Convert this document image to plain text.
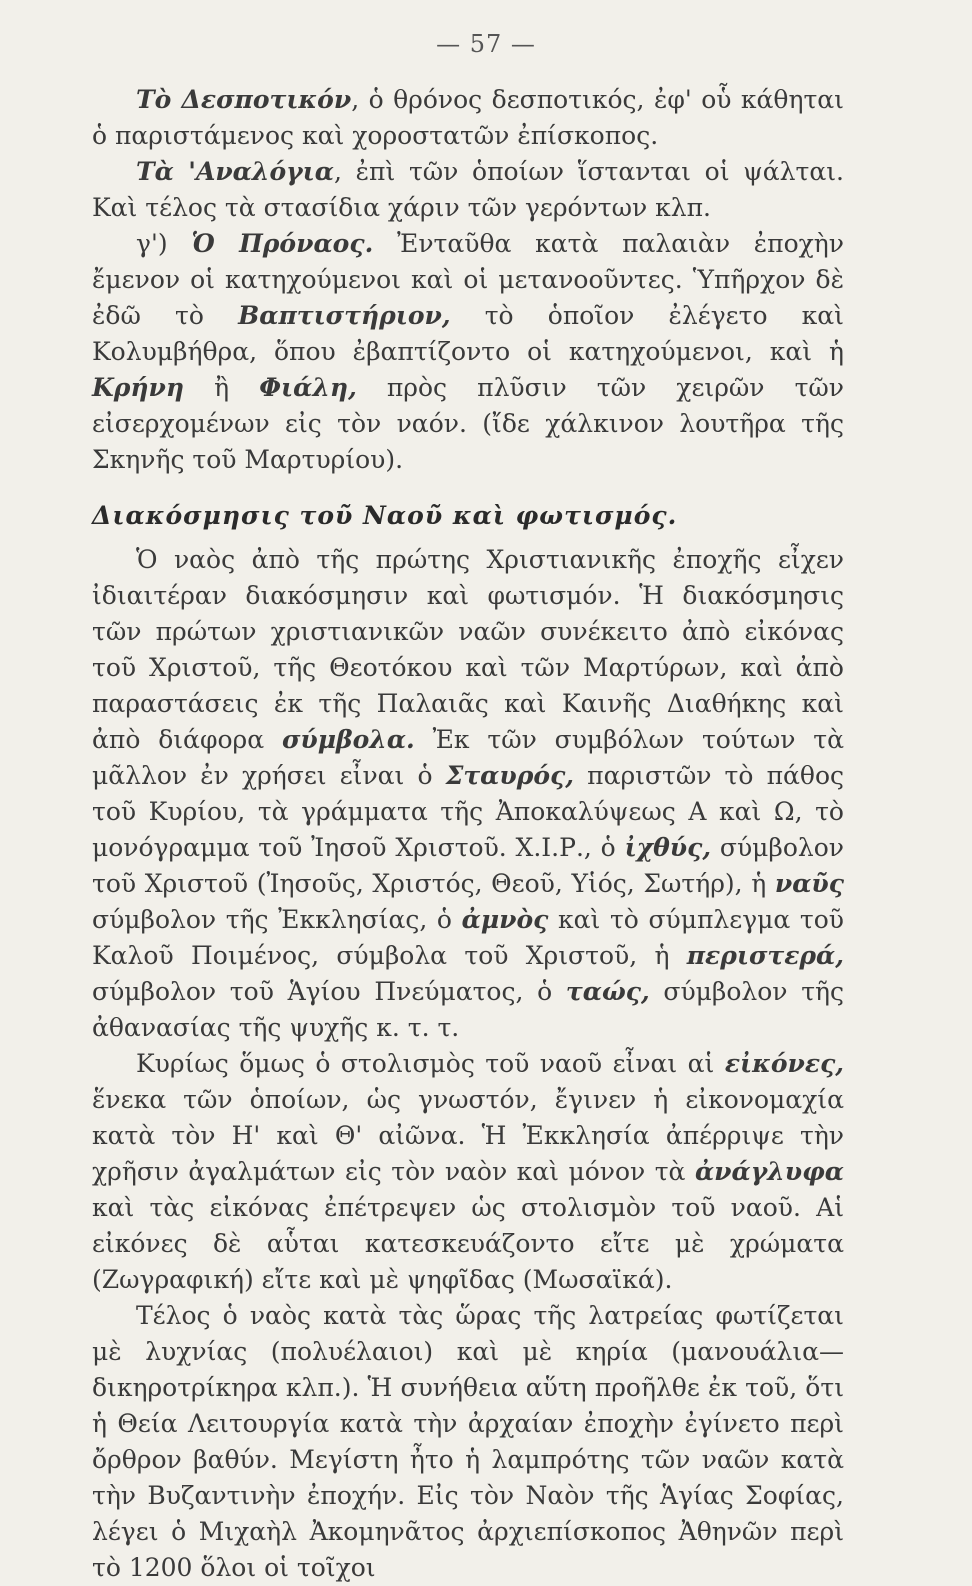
— 57 —

Τὸ Δεσποτικόν, ὁ θρόνος δεσποτικός, ἐφ' οὗ κάθηται ὁ παριστάμενος καὶ χοροστατῶν ἐπίσκοπος.

Τὰ 'Αναλόγια, ἐπὶ τῶν ὁποίων ἵστανται οἱ ψάλται. Καὶ τέλος τὰ στασίδια χάριν τῶν γερόντων κλπ.

γ') Ὁ Πρόναος. Ἐνταῦθα κατὰ παλαιὰν ἐποχὴν ἔμενον οἱ κατηχούμενοι καὶ οἱ μετανοοῦντες. Ὑπῆρχον δὲ ἐδῶ τὸ Βαπτιστήριον, τὸ ὁποῖον ἐλέγετο καὶ Κολυμβήθρα, ὅπου ἐβαπτίζοντο οἱ κατηχούμενοι, καὶ ἡ Κρήνη ἢ Φιάλη, πρὸς πλῦσιν τῶν χειρῶν τῶν εἰσερχομένων εἰς τὸν ναόν. (ἴδε χάλκινον λουτῆρα τῆς Σκηνῆς τοῦ Μαρτυρίου).

Διακόσμησις τοῦ Ναοῦ καὶ φωτισμός.

Ὁ ναὸς ἀπὸ τῆς πρώτης Χριστιανικῆς ἐποχῆς εἶχεν ἰδιαιτέραν διακόσμησιν καὶ φωτισμόν. Ἡ διακόσμησις τῶν πρώτων χριστιανικῶν ναῶν συνέκειτο ἀπὸ εἰκόνας τοῦ Χριστοῦ, τῆς Θεοτόκου καὶ τῶν Μαρτύρων, καὶ ἀπὸ παραστάσεις ἐκ τῆς Παλαιᾶς καὶ Καινῆς Διαθήκης καὶ ἀπὸ διάφορα σύμβολα. Ἐκ τῶν συμβόλων τούτων τὰ μᾶλλον ἐν χρήσει εἶναι ὁ Σταυρός, παριστῶν τὸ πάθος τοῦ Κυρίου, τὰ γράμματα τῆς Ἀποκαλύψεως Α καὶ Ω, τὸ μονόγραμμα τοῦ Ἰησοῦ Χριστοῦ. Χ.Ι.Ρ., ὁ ἰχθύς, σύμβολον τοῦ Χριστοῦ (Ἰησοῦς, Χριστός, Θεοῦ, Υἱός, Σωτήρ), ἡ ναῦς σύμβολον τῆς Ἐκκλησίας, ὁ ἀμνὸς καὶ τὸ σύμπλεγμα τοῦ Καλοῦ Ποιμένος, σύμβολα τοῦ Χριστοῦ, ἡ περιστερά, σύμβολον τοῦ Ἁγίου Πνεύματος, ὁ ταώς, σύμβολον τῆς ἀθανασίας τῆς ψυχῆς κ. τ. τ.

Κυρίως ὅμως ὁ στολισμὸς τοῦ ναοῦ εἶναι αἱ εἰκόνες, ἕνεκα τῶν ὁποίων, ὡς γνωστόν, ἔγινεν ἡ εἰκονομαχία κατὰ τὸν Η' καὶ Θ' αἰῶνα. Ἡ Ἐκκλησία ἀπέρριψε τὴν χρῆσιν ἀγαλμάτων εἰς τὸν ναὸν καὶ μόνον τὰ ἀνάγλυφα καὶ τὰς εἰκόνας ἐπέτρεψεν ὡς στολισμὸν τοῦ ναοῦ. Αἱ εἰκόνες δὲ αὗται κατεσκευάζοντο εἴτε μὲ χρώματα (Ζωγραφική) εἴτε καὶ μὲ ψηφῖδας (Μωσαϊκά).

Τέλος ὁ ναὸς κατὰ τὰς ὥρας τῆς λατρείας φωτίζεται μὲ λυχνίας (πολυέλαιοι) καὶ μὲ κηρία (μανουάλια—δικηροτρίκηρα κλπ.). Ἡ συνήθεια αὕτη προῆλθε ἐκ τοῦ, ὅτι ἡ Θεία Λειτουργία κατὰ τὴν ἀρχαίαν ἐποχὴν ἐγίνετο περὶ ὄρθρον βαθύν. Μεγίστη ἦτο ἡ λαμπρότης τῶν ναῶν κατὰ τὴν Βυζαντινὴν ἐποχήν. Εἰς τὸν Ναὸν τῆς Ἁγίας Σοφίας, λέγει ὁ Μιχαὴλ Ἀκομηνᾶτος ἀρχιεπίσκοπος Ἀθηνῶν περὶ τὸ 1200 ὅλοι οἱ τοῖχοι
